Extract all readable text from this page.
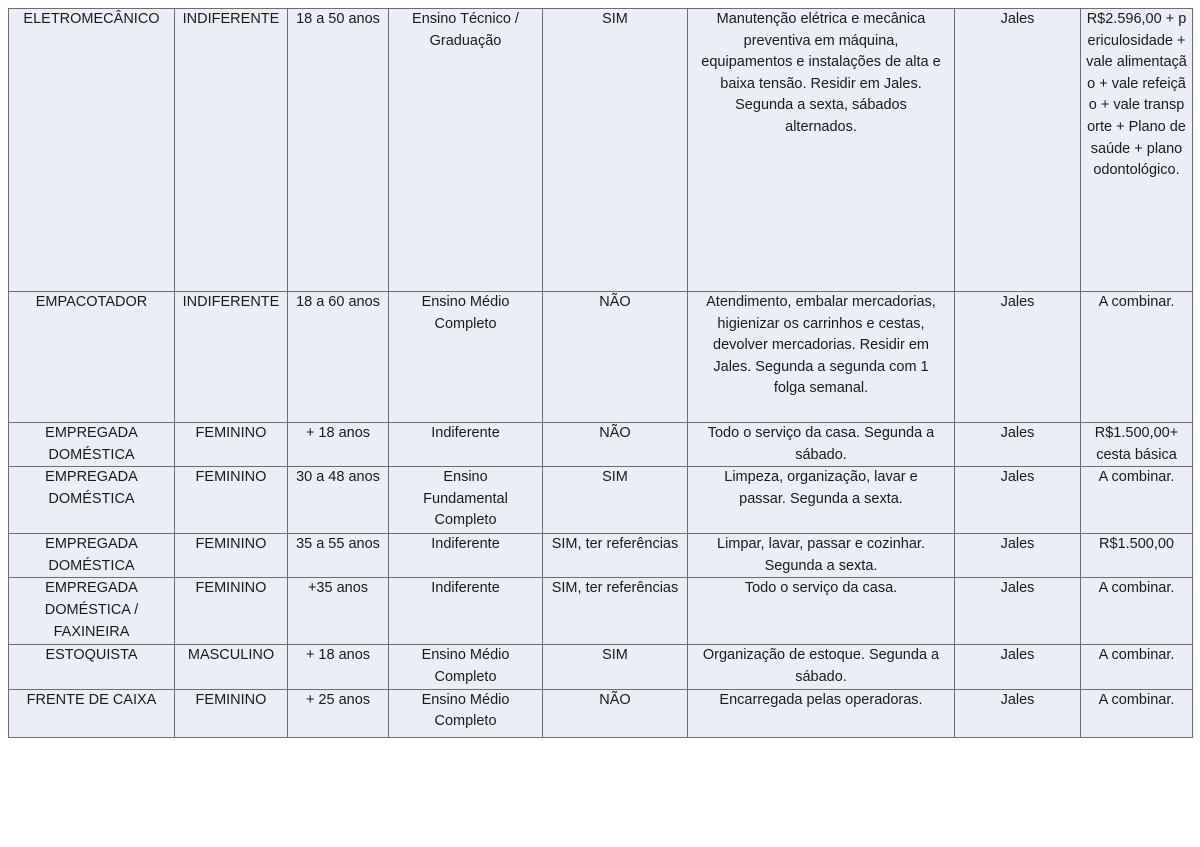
ELETROMECÂNICO	INDIFERENTE	18 a 50 anos	Ensino Técnico / Graduação	SIM	Manutenção elétrica e mecânica preventiva em máquina, equipamentos e instalações de alta e baixa tensão. Residir em Jales. Segunda a sexta, sábados alternados.	Jales	R$2.596,00 + periculosidade + vale alimentação + vale refeição + vale transporte + Plano de saúde + plano odontológico.
EMPACOTADOR	INDIFERENTE	18 a 60 anos	Ensino Médio Completo	NÃO	Atendimento, embalar mercadorias, higienizar os carrinhos e cestas, devolver mercadorias. Residir em Jales. Segunda a segunda com 1 folga semanal.	Jales	A combinar.
EMPREGADA DOMÉSTICA	FEMININO	+ 18 anos	Indiferente	NÃO	Todo o serviço da casa. Segunda a sábado.	Jales	R$1.500,00+ cesta básica
EMPREGADA DOMÉSTICA	FEMININO	30 a 48 anos	Ensino Fundamental Completo	SIM	Limpeza, organização, lavar e passar. Segunda a sexta.	Jales	A combinar.
EMPREGADA DOMÉSTICA	FEMININO	35 a 55 anos	Indiferente	SIM, ter referências	Limpar, lavar, passar e cozinhar. Segunda a sexta.	Jales	R$1.500,00
EMPREGADA DOMÉSTICA / FAXINEIRA	FEMININO	+35 anos	Indiferente	SIM, ter referências	Todo o serviço da casa.	Jales	A combinar.
ESTOQUISTA	MASCULINO	+ 18 anos	Ensino Médio Completo	SIM	Organização de estoque. Segunda a sábado.	Jales	A combinar.
FRENTE DE CAIXA	FEMININO	+ 25 anos	Ensino Médio Completo	NÃO	Encarregada pelas operadoras.	Jales	A combinar.
